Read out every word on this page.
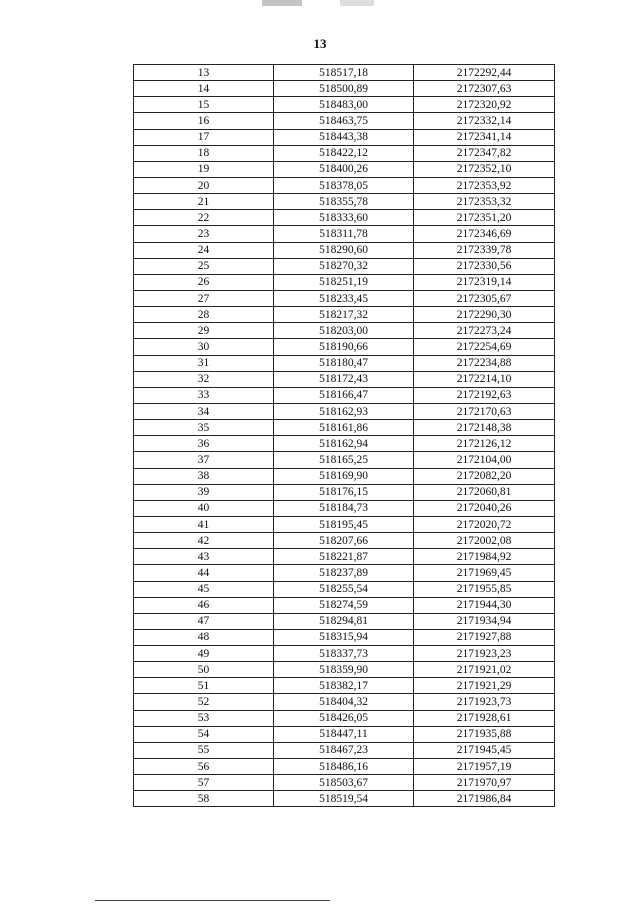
13
13	518517,18	2172292,44
14	518500,89	2172307,63
15	518483,00	2172320,92
16	518463,75	2172332,14
17	518443,38	2172341,14
18	518422,12	2172347,82
19	518400,26	2172352,10
20	518378,05	2172353,92
21	518355,78	2172353,32
22	518333,60	2172351,20
23	518311,78	2172346,69
24	518290,60	2172339,78
25	518270,32	2172330,56
26	518251,19	2172319,14
27	518233,45	2172305,67
28	518217,32	2172290,30
29	518203,00	2172273,24
30	518190,66	2172254,69
31	518180,47	2172234,88
32	518172,43	2172214,10
33	518166,47	2172192,63
34	518162,93	2172170,63
35	518161,86	2172148,38
36	518162,94	2172126,12
37	518165,25	2172104,00
38	518169,90	2172082,20
39	518176,15	2172060,81
40	518184,73	2172040,26
41	518195,45	2172020,72
42	518207,66	2172002,08
43	518221,87	2171984,92
44	518237,89	2171969,45
45	518255,54	2171955,85
46	518274,59	2171944,30
47	518294,81	2171934,94
48	518315,94	2171927,88
49	518337,73	2171923,23
50	518359,90	2171921,02
51	518382,17	2171921,29
52	518404,32	2171923,73
53	518426,05	2171928,61
54	518447,11	2171935,88
55	518467,23	2171945,45
56	518486,16	2171957,19
57	518503,67	2171970,97
58	518519,54	2171986,84
